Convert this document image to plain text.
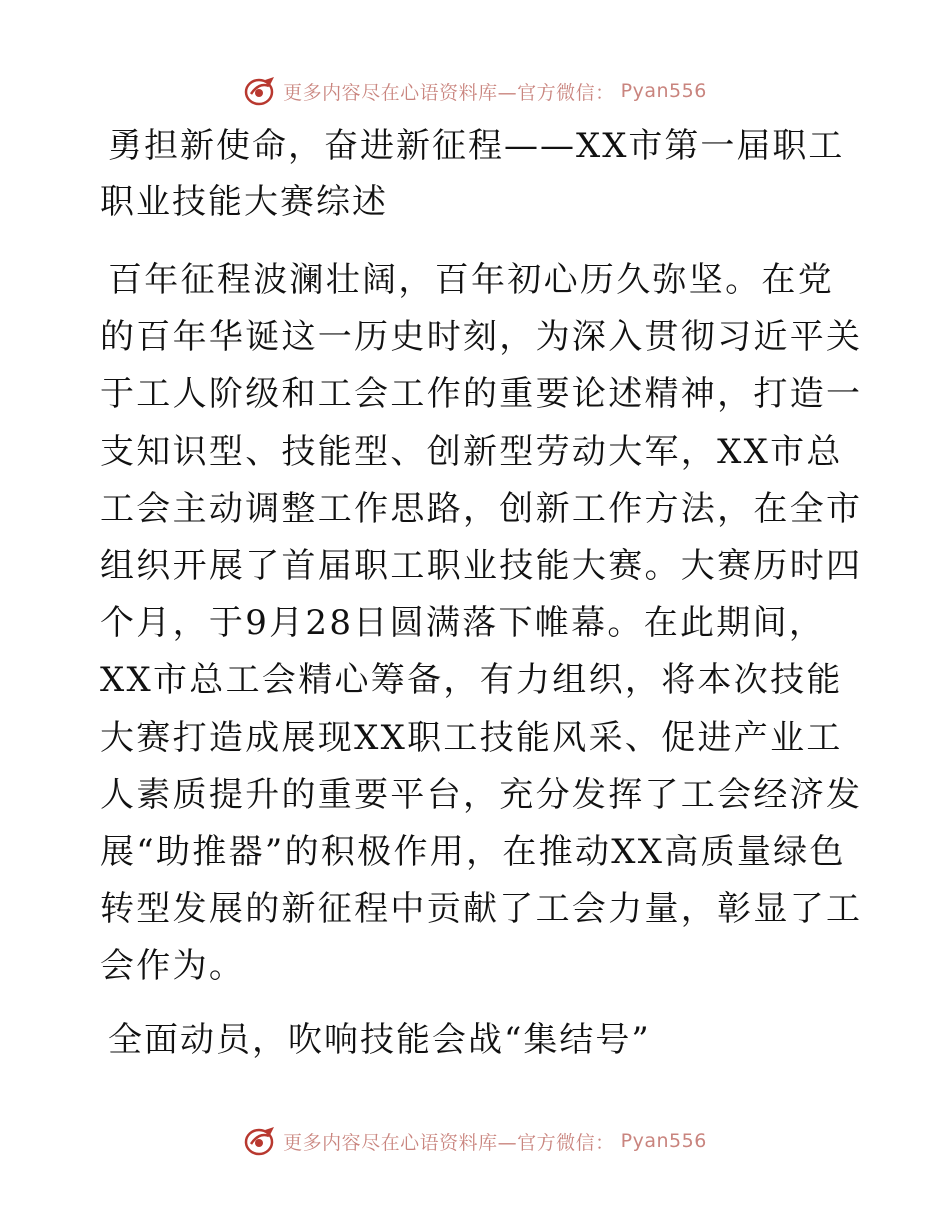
更多内容尽在心语资料库—官方微信： Pyan556
勇担新使命，奋进新征程——XX市第一届职工职业技能大赛综述

百年征程波澜壮阔，百年初心历久弥坚。在党的百年华诞这一历史时刻，为深入贯彻习近平关于工人阶级和工会工作的重要论述精神，打造一支知识型、技能型、创新型劳动大军，XX市总工会主动调整工作思路，创新工作方法，在全市组织开展了首届职工职业技能大赛。大赛历时四个月，于9月28日圆满落下帷幕。在此期间，XX市总工会精心筹备，有力组织，将本次技能大赛打造成展现XX职工技能风采、促进产业工人素质提升的重要平台，充分发挥了工会经济发展“助推器”的积极作用，在推动XX高质量绿色转型发展的新征程中贡献了工会力量，彰显了工会作为。

全面动员，吹响技能会战“集结号”

更多内容尽在心语资料库—官方微信： Pyan556
